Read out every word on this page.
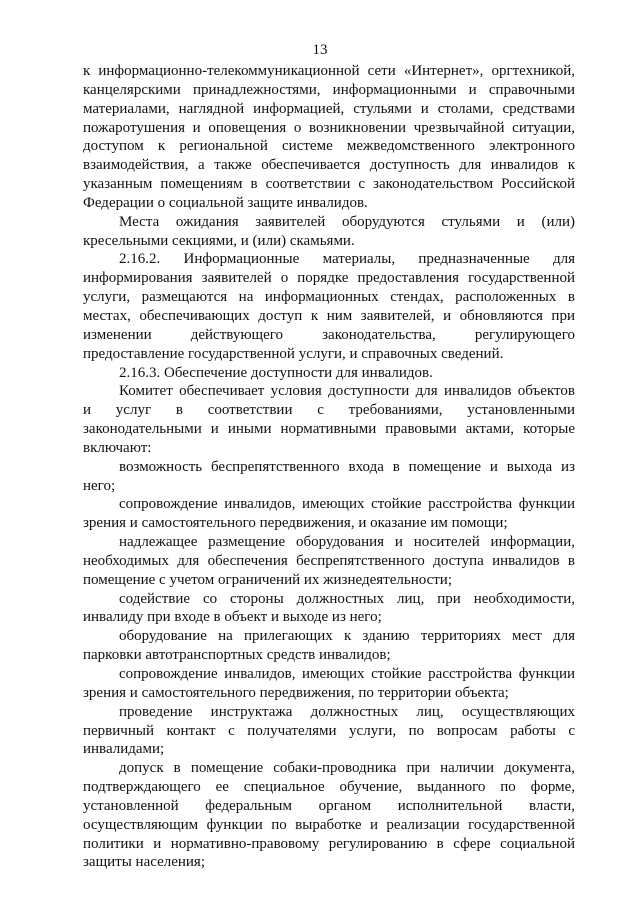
13
к информационно-телекоммуникационной сети «Интернет», оргтехникой,
канцелярскими принадлежностями, информационными и справочными
материалами, наглядной информацией, стульями и столами, средствами
пожаротушения и оповещения о возникновении чрезвычайной ситуации,
доступом к региональной системе межведомственного электронного
взаимодействия, а также обеспечивается доступность для инвалидов к
указанным помещениям в соответствии с законодательством Российской
Федерации о социальной защите инвалидов.
Места ожидания заявителей оборудуются стульями и (или)
кресельными секциями, и (или) скамьями.
2.16.2. Информационные материалы, предназначенные для
информирования заявителей о порядке предоставления государственной
услуги, размещаются на информационных стендах, расположенных в
местах, обеспечивающих доступ к ним заявителей, и обновляются при
изменении действующего законодательства, регулирующего
предоставление государственной услуги, и справочных сведений.
2.16.3. Обеспечение доступности для инвалидов.
Комитет обеспечивает условия доступности для инвалидов объектов
и услуг в соответствии с требованиями, установленными
законодательными и иными нормативными правовыми актами, которые
включают:
возможность беспрепятственного входа в помещение и выхода из
него;
сопровождение инвалидов, имеющих стойкие расстройства функции
зрения и самостоятельного передвижения, и оказание им помощи;
надлежащее размещение оборудования и носителей информации,
необходимых для обеспечения беспрепятственного доступа инвалидов в
помещение с учетом ограничений их жизнедеятельности;
содействие со стороны должностных лиц, при необходимости,
инвалиду при входе в объект и выходе из него;
оборудование на прилегающих к зданию территориях мест для
парковки автотранспортных средств инвалидов;
сопровождение инвалидов, имеющих стойкие расстройства функции
зрения и самостоятельного передвижения, по территории объекта;
проведение инструктажа должностных лиц, осуществляющих
первичный контакт с получателями услуги, по вопросам работы с
инвалидами;
допуск в помещение собаки-проводника при наличии документа,
подтверждающего ее специальное обучение, выданного по форме,
установленной федеральным органом исполнительной власти,
осуществляющим функции по выработке и реализации государственной
политики и нормативно-правовому регулированию в сфере социальной
защиты населения;
